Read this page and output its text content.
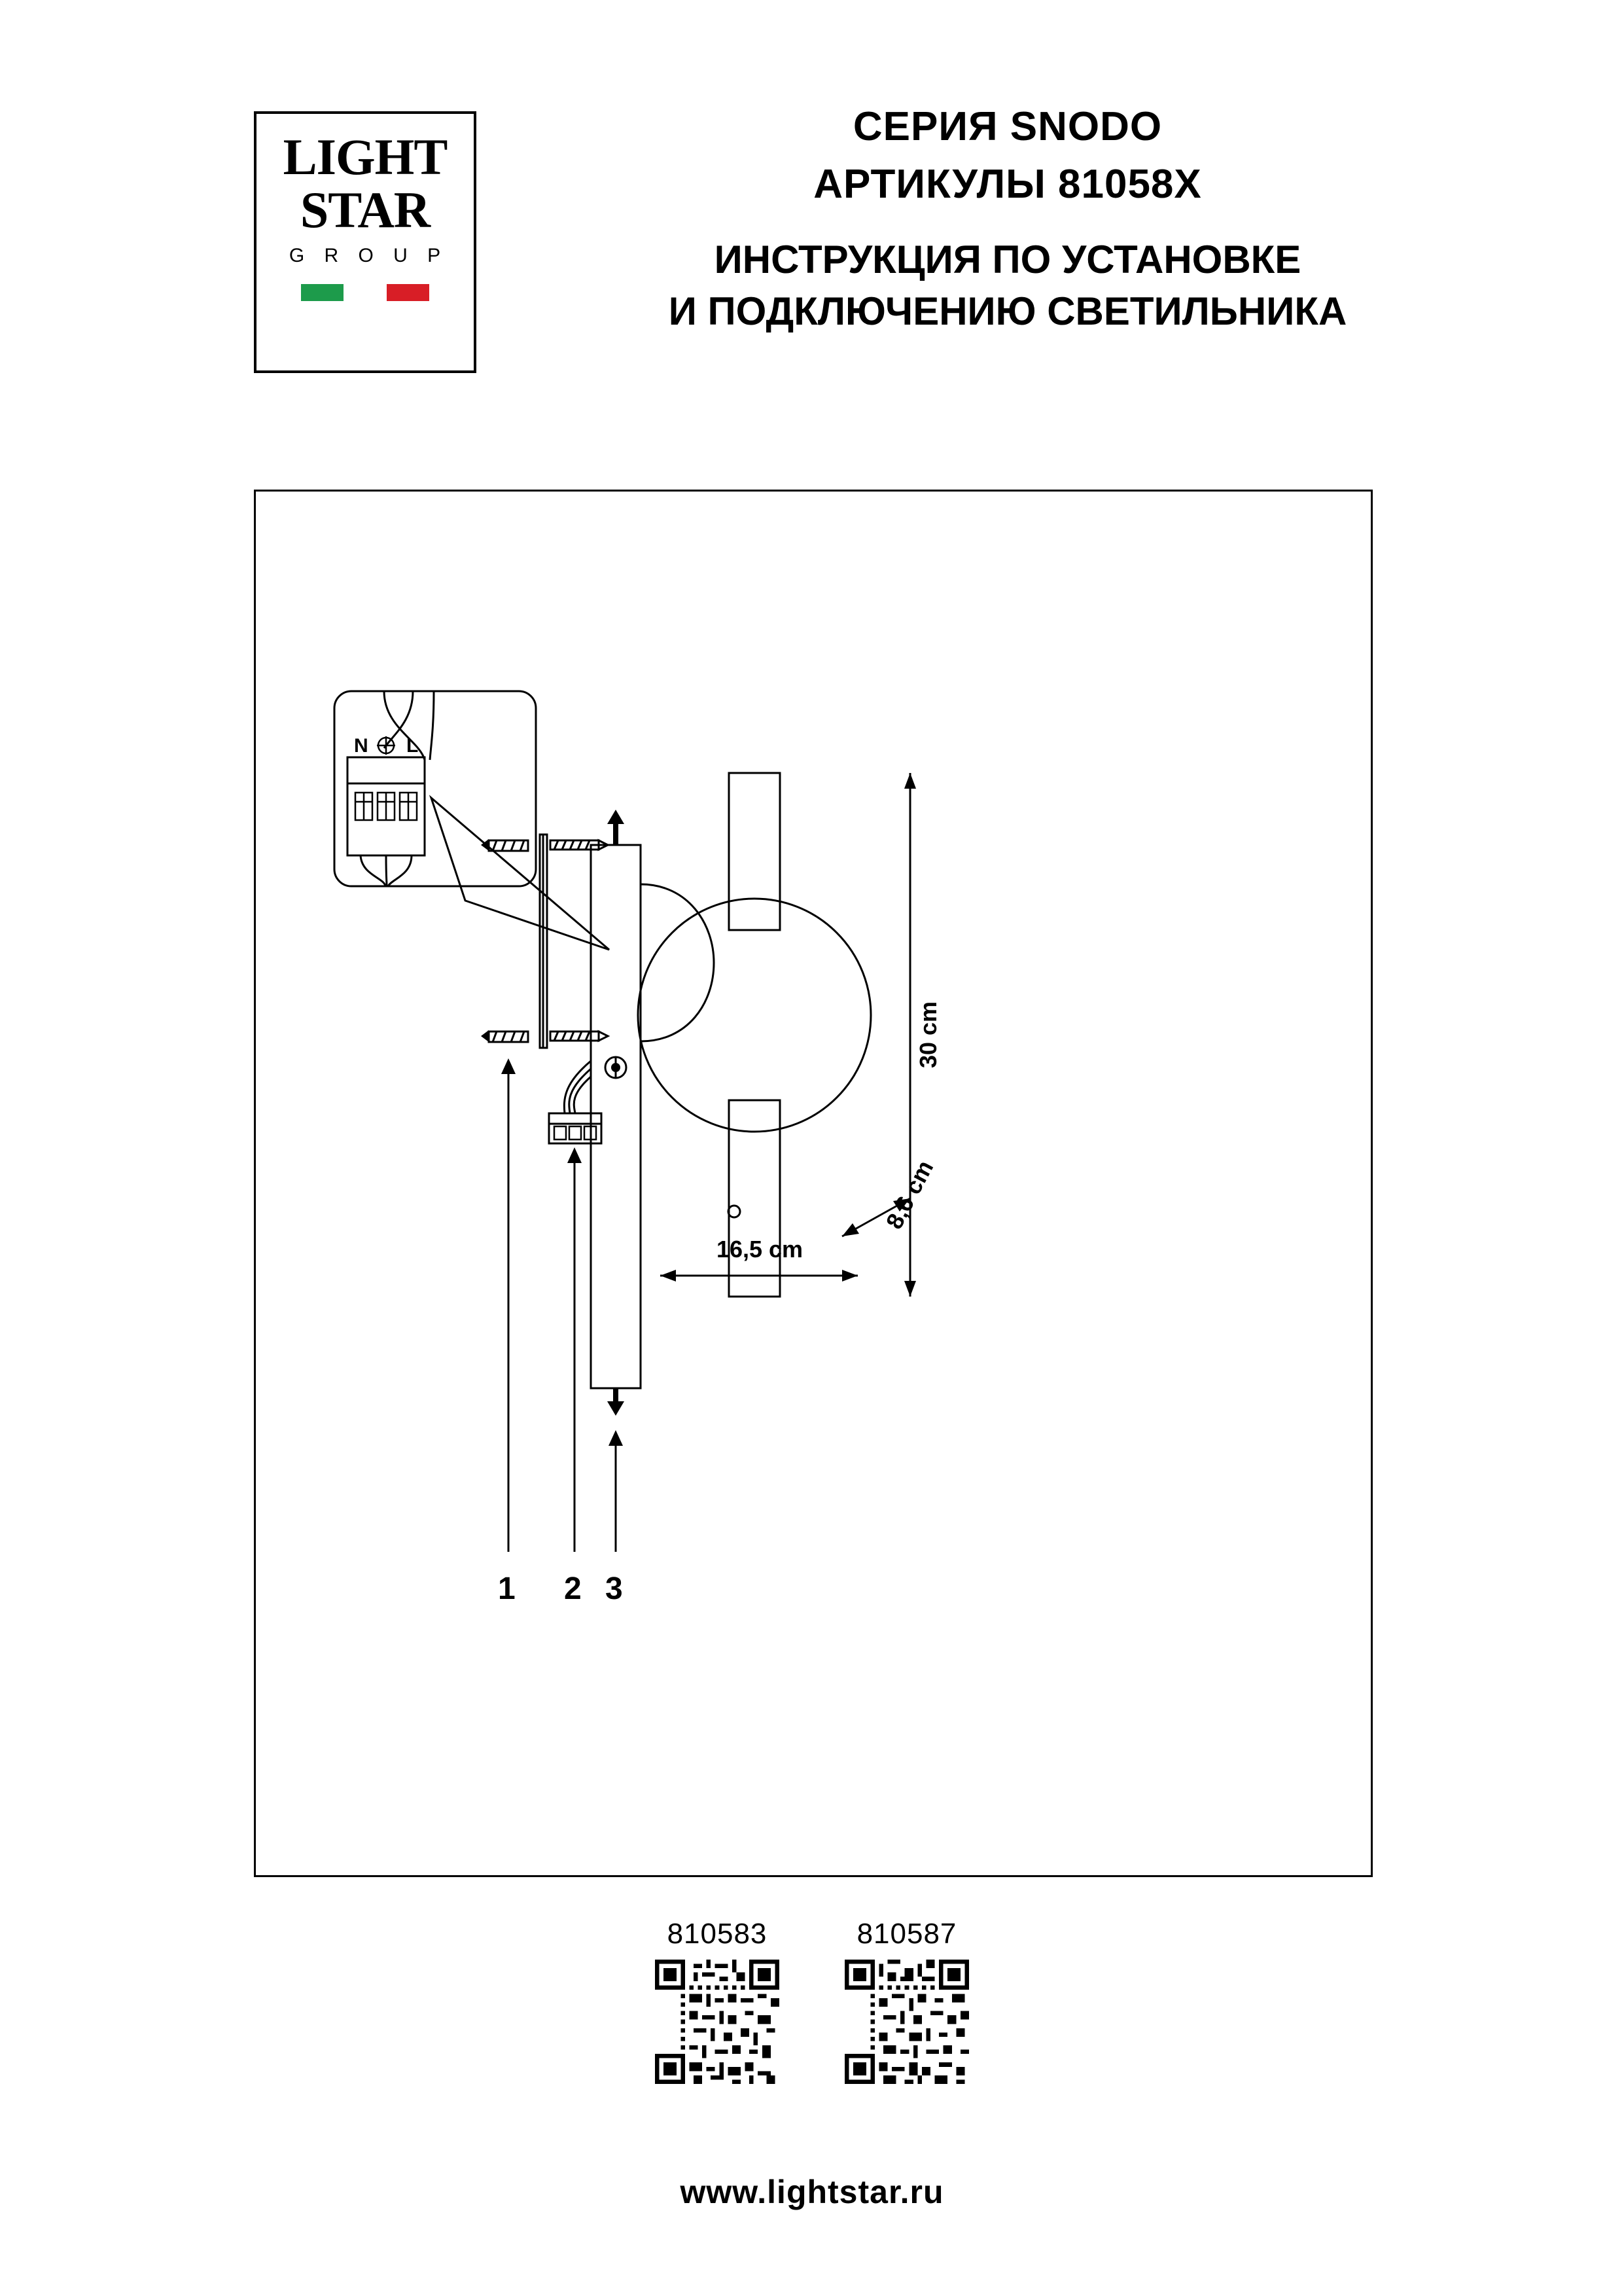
LIGHT
STAR
G R O U P
СЕРИЯ SNODO
АРТИКУЛЫ 81058X
ИНСТРУКЦИЯ ПО УСТАНОВКЕ
И ПОДКЛЮЧЕНИЮ СВЕТИЛЬНИКА
N L
1 2 3
30 cm
16,5 cm
8,6 cm
810583	810587
www.lightstar.ru
